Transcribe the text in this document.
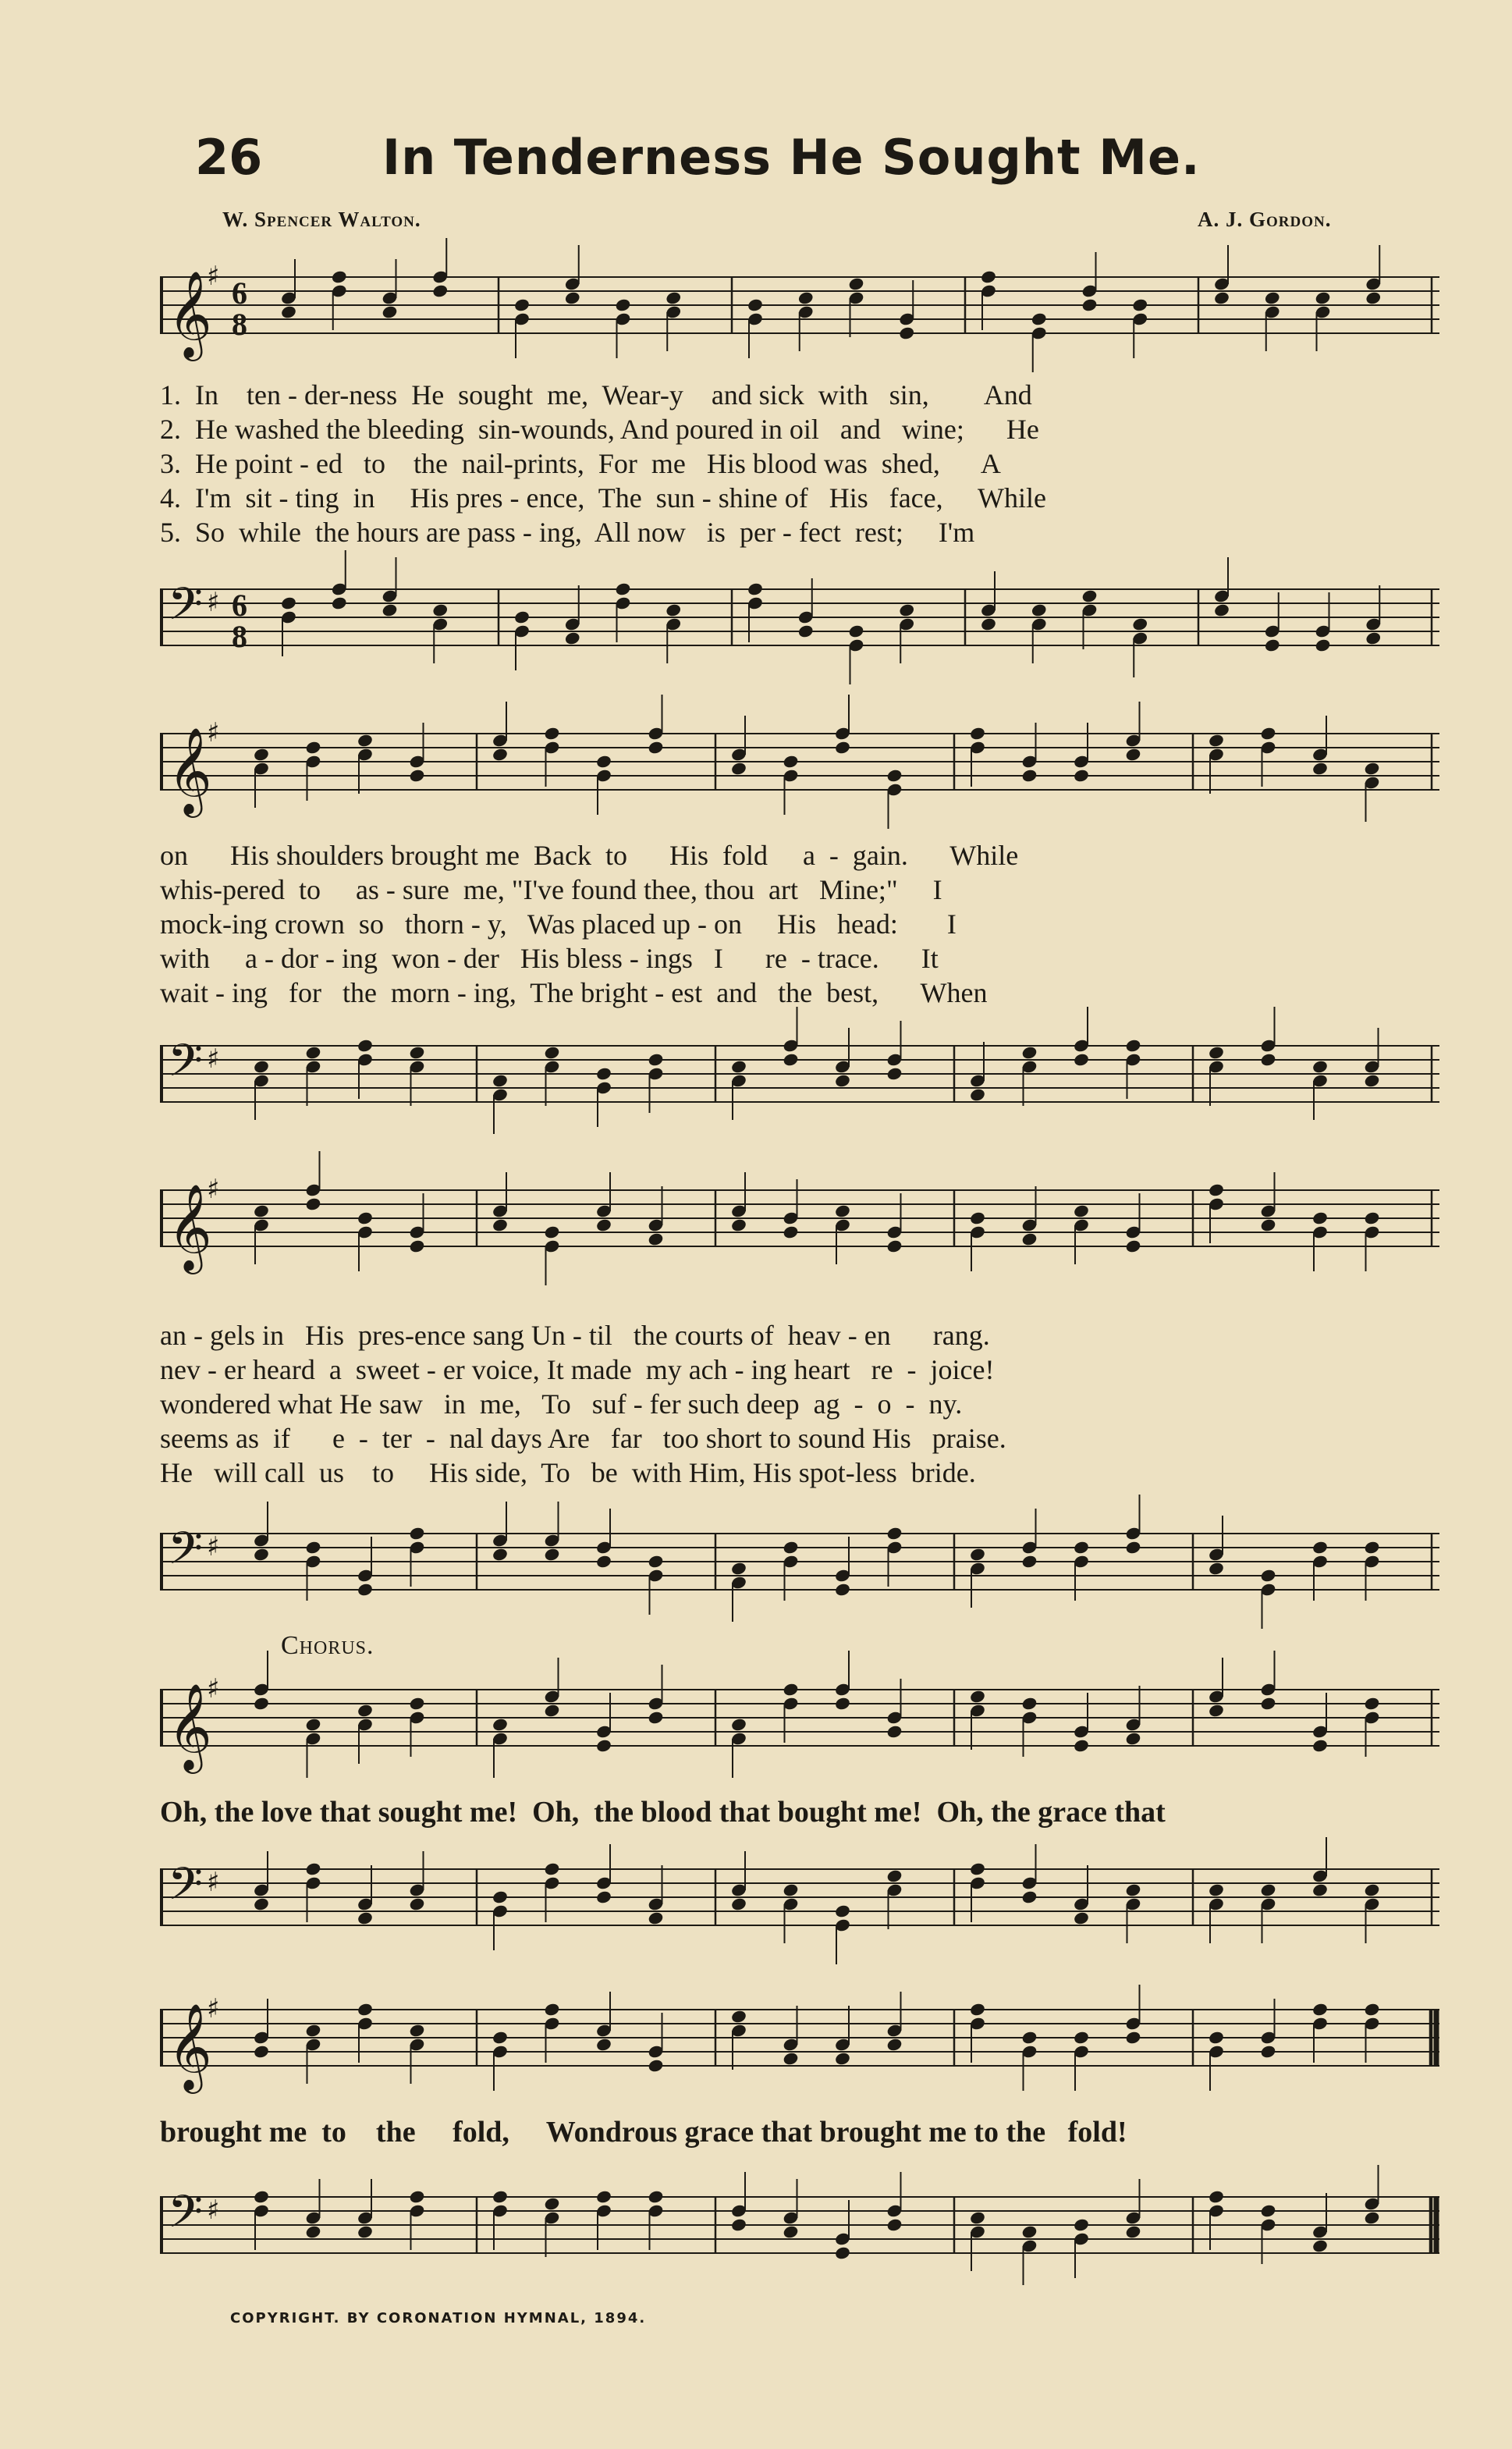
26 In Tenderness He Sought Me.
W. Spencer Walton.	A. J. Gordon.
𝄞
♯ 6
8
1.  In    ten - der-ness  He  sought  me,  Wear-y    and sick  with   sin,        And
2.  He washed the bleeding  sin-wounds, And poured in oil   and   wine;      He
3.  He point - ed   to    the  nail-prints,  For  me   His blood was  shed,      A
4.  I'm  sit - ting  in     His pres - ence,  The  sun - shine of   His   face,     While
5.  So  while  the hours are pass - ing,  All now   is  per - fect  rest;     I'm
𝄢 ♯ 6
8
𝄞
♯
on      His shoulders brought me  Back  to      His  fold     a  -  gain.      While
whis-pered  to     as - sure  me, "I've found thee, thou  art   Mine;"     I
mock-ing crown  so   thorn - y,   Was placed up - on     His   head:       I
with     a - dor - ing  won - der   His bless - ings   I      re  - trace.      It
wait - ing   for   the  morn - ing,  The bright - est  and   the  best,      When
𝄢 ♯
𝄞
♯
an - gels in   His  pres-ence sang Un - til   the courts of  heav - en      rang.
nev - er heard  a  sweet - er voice, It made  my ach - ing heart   re  -  joice!
wondered what He saw   in  me,   To   suf - fer such deep  ag  -  o  -  ny.
seems as  if      e  -  ter  -  nal days Are   far   too short to sound His   praise.
He   will call  us    to     His side,  To   be  with Him, His spot-less  bride.
𝄢 ♯
Chorus.
𝄞
♯
Oh, the love that sought me!  Oh,  the blood that bought me!  Oh, the grace that
𝄢 ♯
𝄞
♯
brought me  to    the     fold,     Wondrous grace that brought me to the   fold!
𝄢 ♯
COPYRIGHT. BY CORONATION HYMNAL, 1894.
